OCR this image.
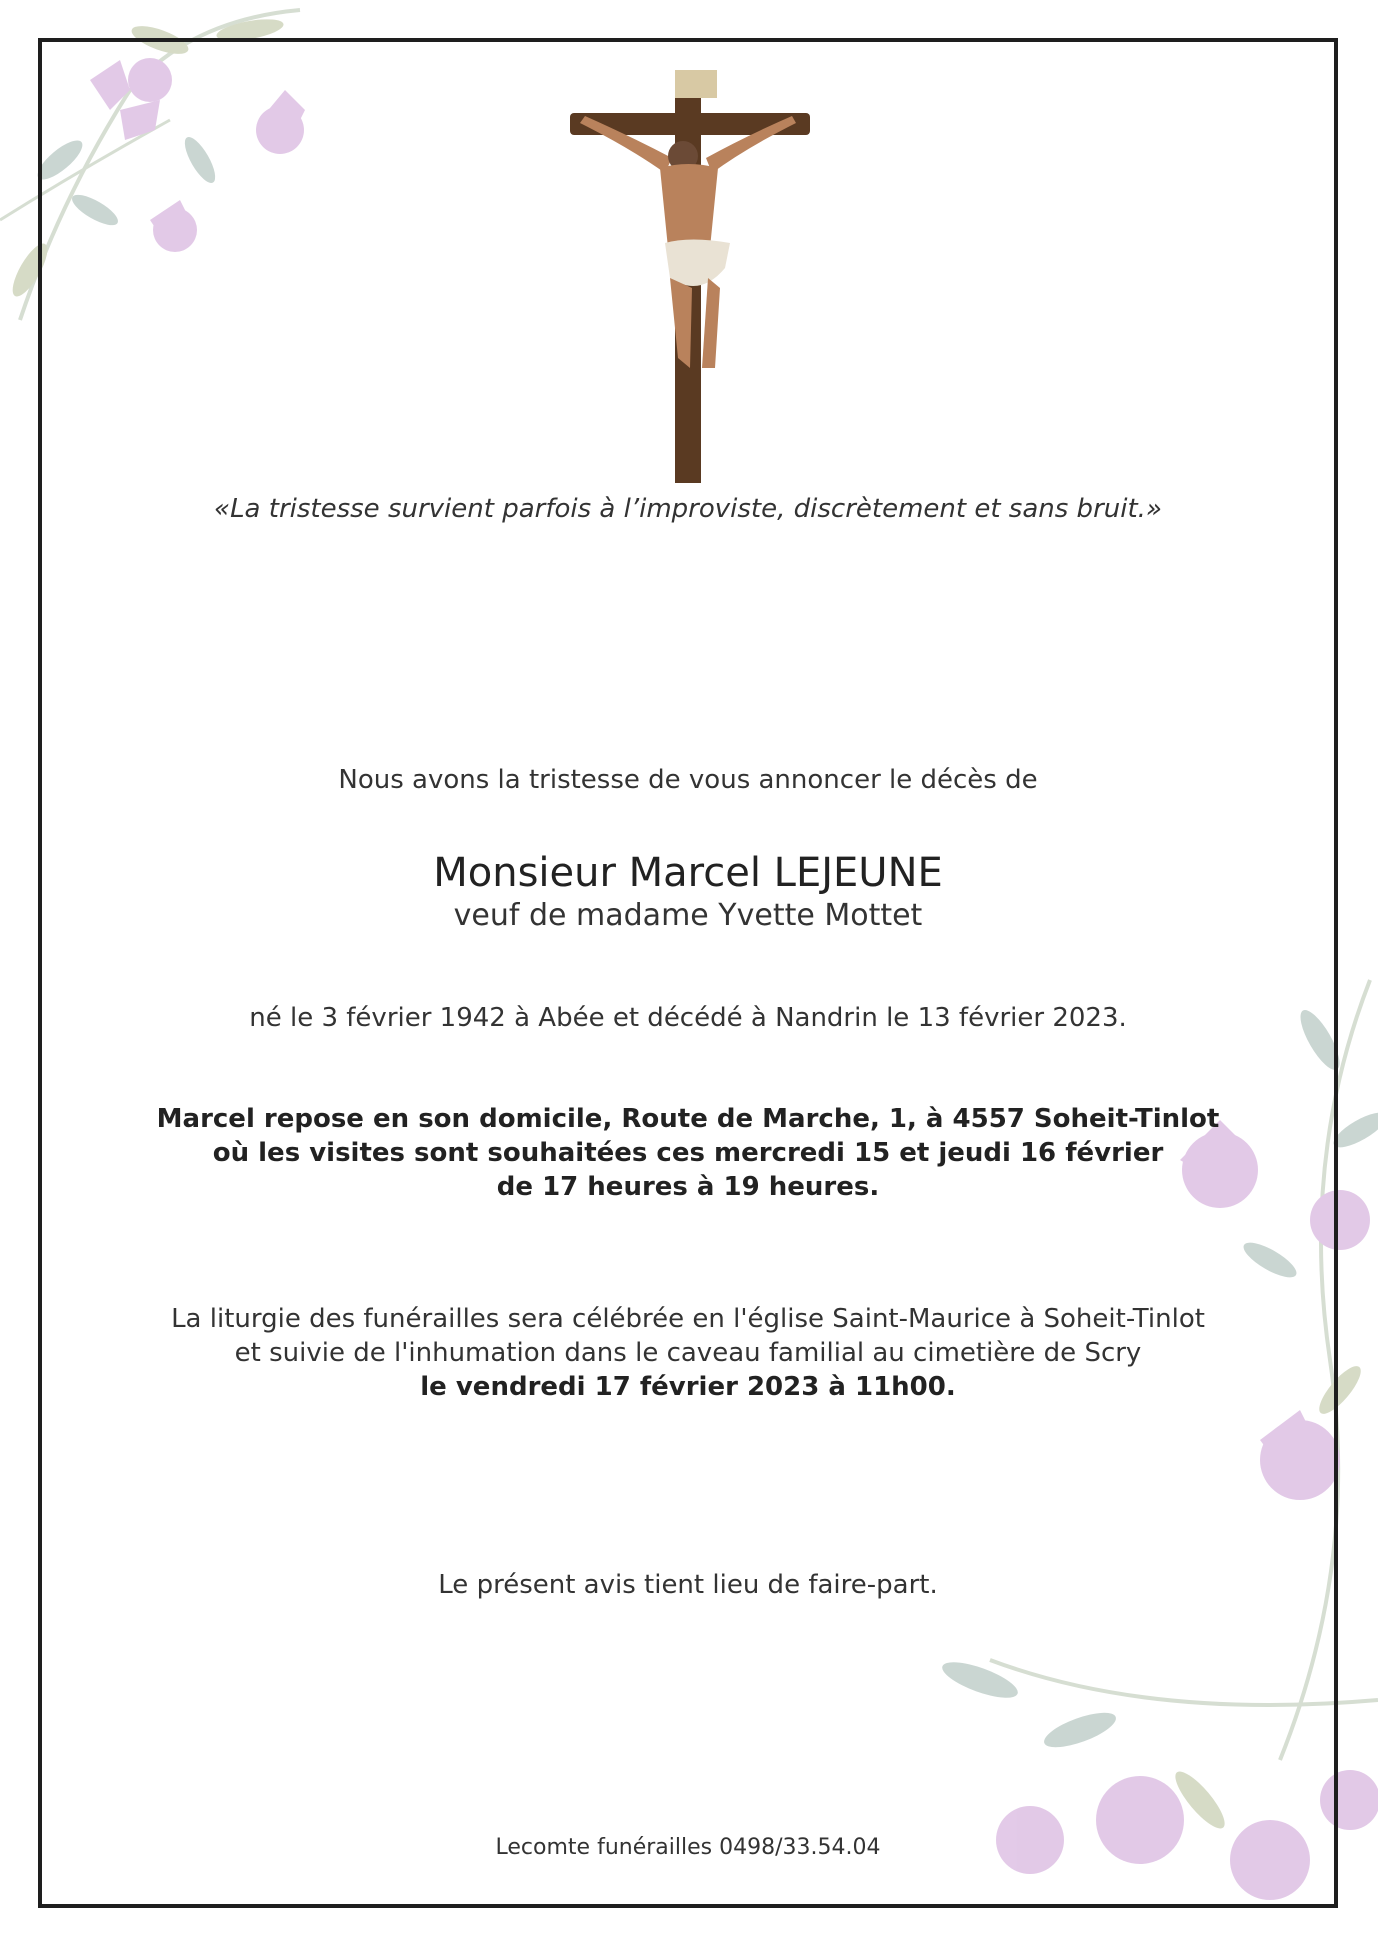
«La tristesse survient parfois à l’improviste, discrètement et sans bruit.»
Nous avons la tristesse de vous annoncer le décès de
Monsieur Marcel LEJEUNE
veuf de madame Yvette Mottet
né le 3 février 1942 à Abée et décédé à Nandrin le 13 février 2023.
Marcel repose en son domicile, Route de Marche, 1, à 4557 Soheit-Tinlot
où les visites sont souhaitées ces mercredi 15 et jeudi 16 février
de 17 heures à 19 heures.
La liturgie des funérailles sera célébrée en l'église Saint-Maurice à Soheit-Tinlot
et suivie de l'inhumation dans le caveau familial au cimetière de Scry
le vendredi 17 février 2023 à 11h00.
Le présent avis tient lieu de faire-part.
Lecomte funérailles 0498/33.54.04
